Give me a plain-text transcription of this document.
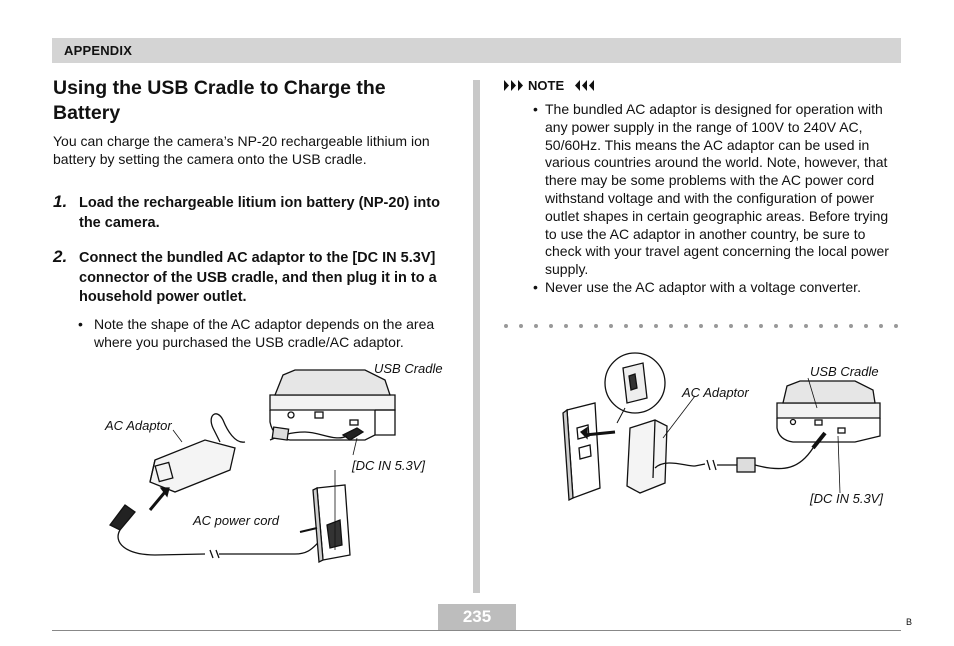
APPENDIX
Using the USB Cradle to Charge the Battery
You can charge the camera’s NP-20 rechargeable lithium ion battery by setting the camera onto the USB cradle.
1. Load the rechargeable litium ion battery (NP-20) into the camera.
2. Connect the bundled AC adaptor to the [DC IN 5.3V] connector of the USB cradle, and then plug it in to a household power outlet.
• Note the shape of the AC adaptor depends on the area where you purchased the USB cradle/AC adaptor.
USB Cradle
AC Adaptor
[DC IN 5.3V]
AC power cord
NOTE
• The bundled AC adaptor is designed for operation with any power supply in the range of 100V to 240V AC, 50/60Hz. This means the AC adaptor can be used in various countries around the world. Note, however, that there may be some problems with the AC power cord withstand voltage and with the configuration of power outlet shapes in certain geographic areas. Before trying to use the AC adaptor in another country, be sure to check with your travel agent concerning the local power supply.
• Never use the AC adaptor with a voltage converter.
AC Adaptor
USB Cradle
[DC IN 5.3V]
235	B
